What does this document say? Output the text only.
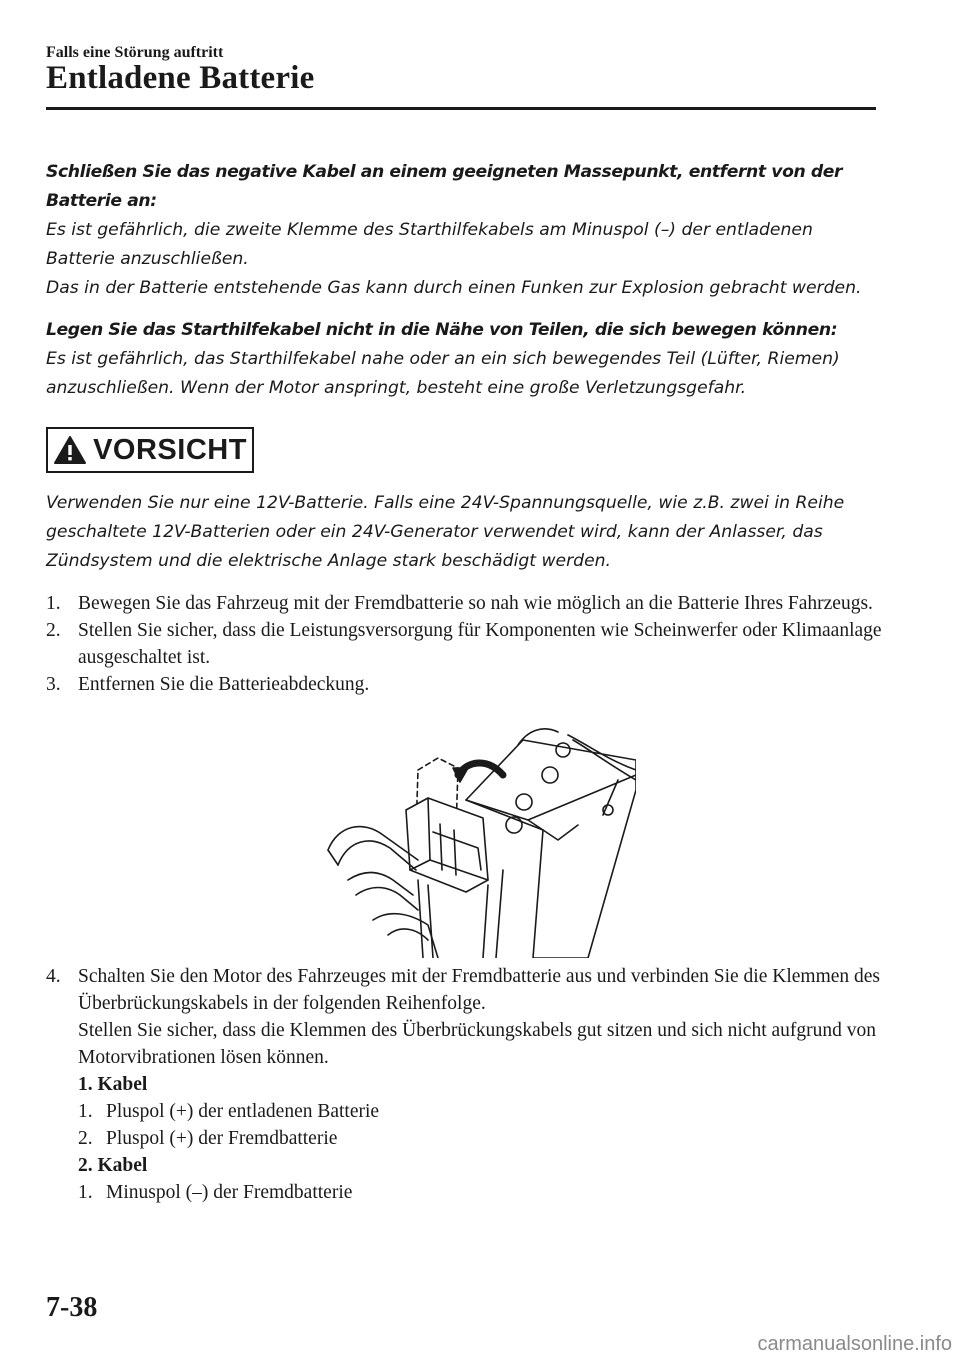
Falls eine Störung auftritt
Entladene Batterie

Schließen Sie das negative Kabel an einem geeigneten Massepunkt, entfernt von der Batterie an:

Es ist gefährlich, die zweite Klemme des Starthilfekabels am Minuspol (–) der entladenen Batterie anzuschließen.

Das in der Batterie entstehende Gas kann durch einen Funken zur Explosion gebracht werden.

Legen Sie das Starthilfekabel nicht in die Nähe von Teilen, die sich bewegen können:

Es ist gefährlich, das Starthilfekabel nahe oder an ein sich bewegendes Teil (Lüfter, Riemen) anzuschließen. Wenn der Motor anspringt, besteht eine große Verletzungsgefahr.

VORSICHT
Verwenden Sie nur eine 12V-Batterie. Falls eine 24V-Spannungsquelle, wie z.B. zwei in Reihe geschaltete 12V-Batterien oder ein 24V-Generator verwendet wird, kann der Anlasser, das Zündsystem und die elektrische Anlage stark beschädigt werden.
1. Bewegen Sie das Fahrzeug mit der Fremdbatterie so nah wie möglich an die Batterie Ihres Fahrzeugs.
2. Stellen Sie sicher, dass die Leistungsversorgung für Komponenten wie Scheinwerfer oder Klimaanlage ausgeschaltet ist.
3. Entfernen Sie die Batterieabdeckung.
4. Schalten Sie den Motor des Fahrzeuges mit der Fremdbatterie aus und verbinden Sie die Klemmen des Überbrückungskabels in der folgenden Reihenfolge.
Stellen Sie sicher, dass die Klemmen des Überbrückungskabels gut sitzen und sich nicht aufgrund von Motorvibrationen lösen können.
1. Kabel
1. Pluspol (+) der entladenen Batterie
2. Pluspol (+) der Fremdbatterie
2. Kabel
1. Minuspol (–) der Fremdbatterie
7-38
carmanualsonline.info
